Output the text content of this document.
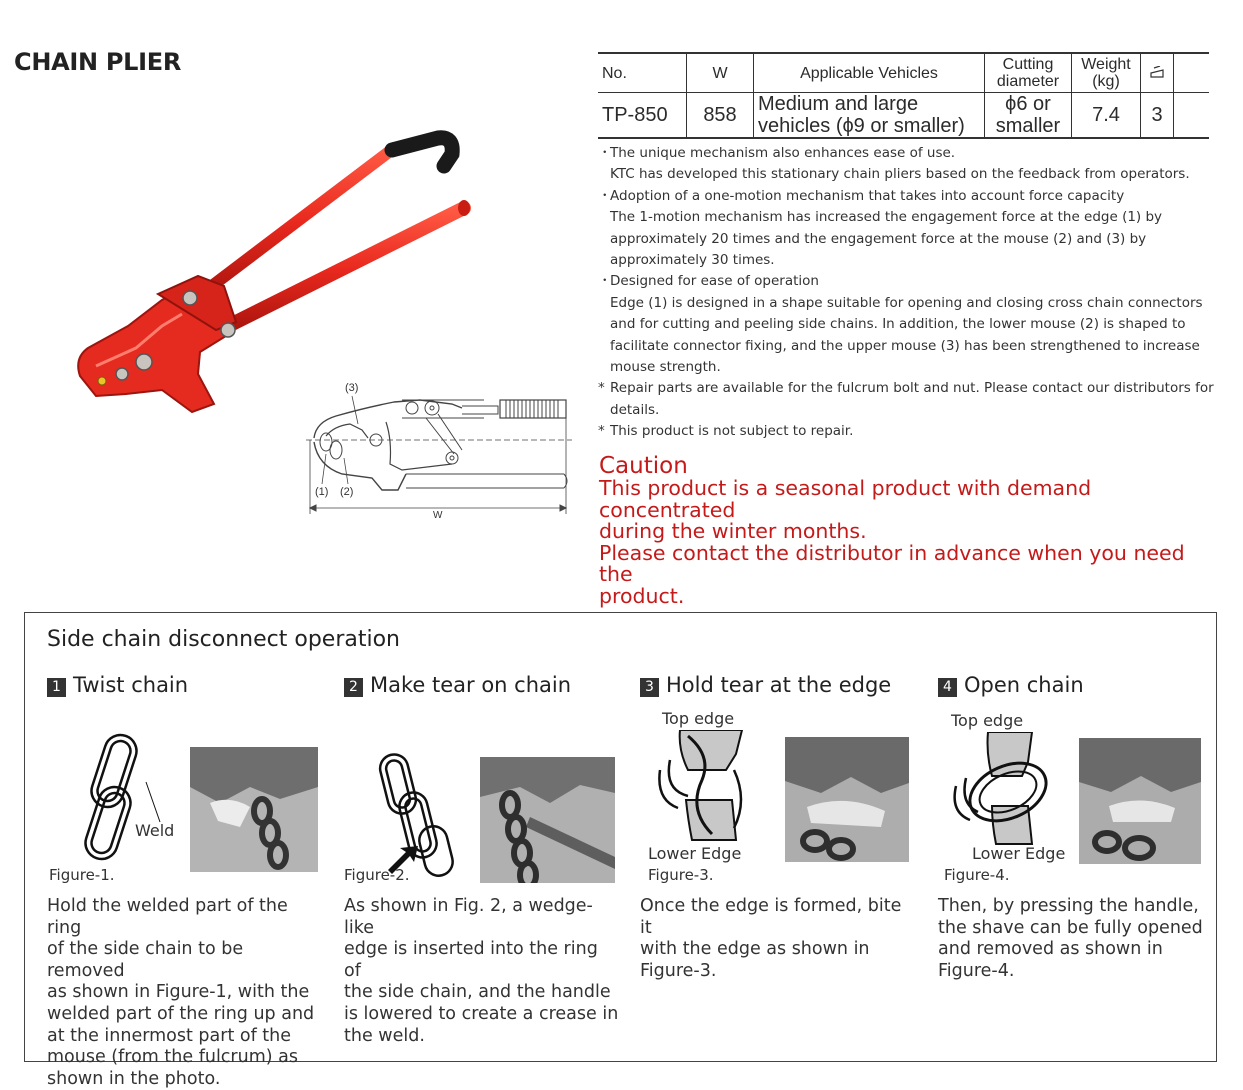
CHAIN PLIER
(3)
(1) (2)
W
No.	W	Applicable Vehicles	Cutting diameter	Weight (kg)		
TP-850	858	Medium and large vehicles (ϕ9 or smaller)	ϕ6 or smaller	7.4	3	
・
The unique mechanism also enhances ease of use.
KTC has developed this stationary chain pliers based on the feedback from operators.
・
Adoption of a one-motion mechanism that takes into account force capacity
The 1-motion mechanism has increased the engagement force at the edge (1) by
approximately 20 times and the engagement force at the mouse (2) and (3) by
approximately 30 times.
・
Designed for ease of operation
Edge (1) is designed in a shape suitable for opening and closing cross chain connectors
and for cutting and peeling side chains. In addition, the lower mouse (2) is shaped to
facilitate connector fixing, and the upper mouse (3) has been strengthened to increase
mouse strength.
* Repair parts are available for the fulcrum bolt and nut. Please contact our distributors for
details.
* This product is not subject to repair.
Caution
This product is a seasonal product with demand concentrated
during the winter months.
Please contact the distributor in advance when you need the
product.
Side chain disconnect operation
1 Twist chain
Weld
Figure-1.
Hold the welded part of the ring
of the side chain to be removed
as shown in Figure-1, with the
welded part of the ring up and
at the innermost part of the
mouse (from the fulcrum) as
shown in the photo.
2 Make tear on chain
Figure-2.
As shown in Fig. 2, a wedge-like
edge is inserted into the ring of
the side chain, and the handle
is lowered to create a crease in
the weld.
3 Hold tear at the edge
Top edge
Lower Edge
Figure-3.
Once the edge is formed, bite it
with the edge as shown in
Figure-3.
4 Open chain
Top edge
Lower Edge
Figure-4.
Then, by pressing the handle,
the shave can be fully opened
and removed as shown in
Figure-4.
